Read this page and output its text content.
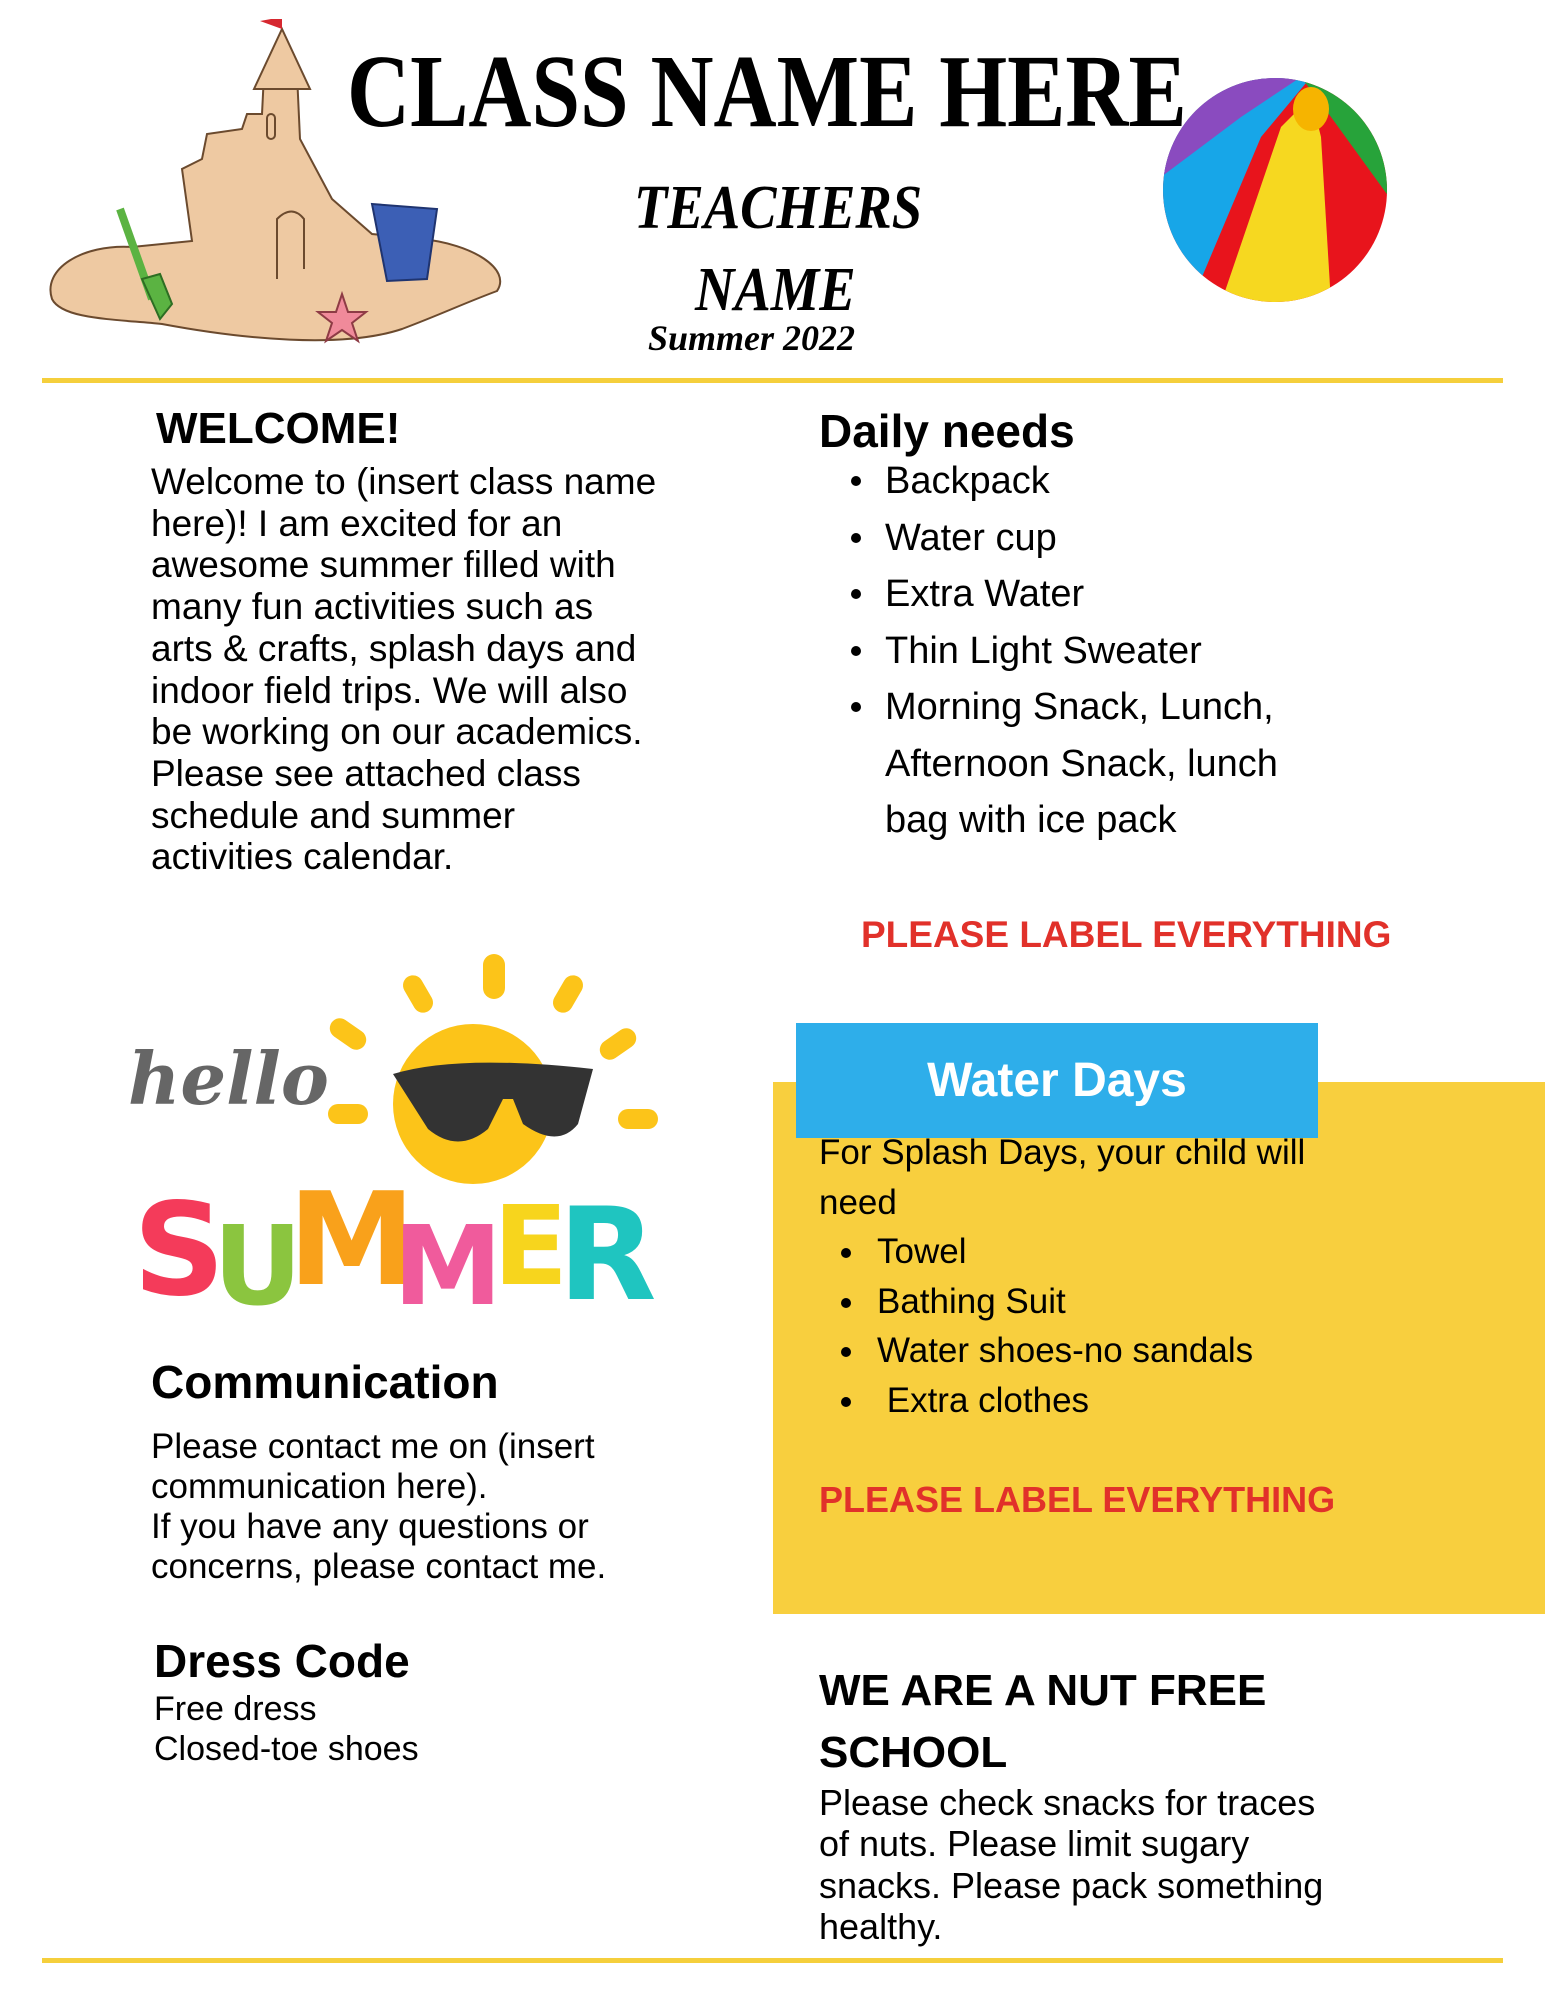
CLASS NAME HERE
TEACHERS
NAME
Summer 2022
WELCOME!
Welcome to (insert class name
here)! I am excited for an
awesome summer filled with
many fun activities such as
arts & crafts, splash days and
indoor field trips. We will also
be working on our academics.
Please see attached class
schedule and summer
activities calendar.
Daily needs
Backpack
Water cup
Extra Water
Thin Light Sweater
Morning Snack, Lunch,
Afternoon Snack, lunch
bag with ice pack
PLEASE LABEL EVERYTHING
hello
S
U
M
M
E
R
Communication
Please contact me on (insert
communication here).
If you have any questions or
concerns, please contact me.
Dress Code
Free dress
Closed-toe shoes
Water Days
For Splash Days, your child will
need
Towel
Bathing Suit
Water shoes-no sandals
Extra clothes
PLEASE LABEL EVERYTHING
WE ARE A NUT FREE
SCHOOL
Please check snacks for traces
of nuts. Please limit sugary
snacks. Please pack something
healthy.
